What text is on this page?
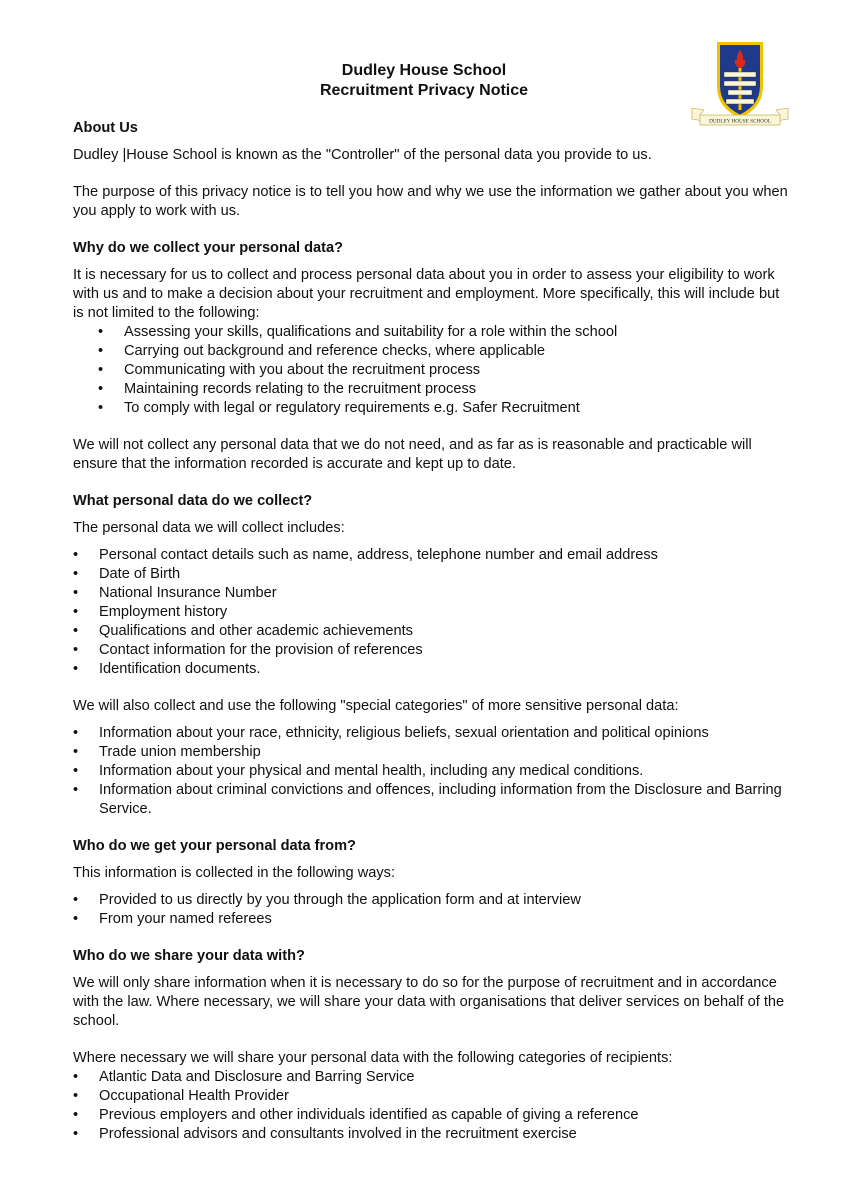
Dudley House School
Recruitment Privacy Notice
DUDLEY HOUSE SCHOOL
About Us

Dudley |House School is known as the "Controller" of the personal data you provide to us.

The purpose of this privacy notice is to tell you how and why we use the information we gather about you when you apply to work with us.

Why do we collect your personal data?

It is necessary for us to collect and process personal data about you in order to assess your eligibility to work with us and to make a decision about your recruitment and employment. More specifically, this will include but is not limited to the following:

•
Assessing your skills, qualifications and suitability for a role within the school
•
Carrying out background and reference checks, where applicable
•
Communicating with you about the recruitment process
•
Maintaining records relating to the recruitment process
•
To comply with legal or regulatory requirements e.g. Safer Recruitment

We will not collect any personal data that we do not need, and as far as is reasonable and practicable will ensure that the information recorded is accurate and kept up to date.

What personal data do we collect?

The personal data we will collect includes:

•
Personal contact details such as name, address, telephone number and email address
•
Date of Birth
•
National Insurance Number
•
Employment history
•
Qualifications and other academic achievements
•
Contact information for the provision of references
•
Identification documents.

We will also collect and use the following "special categories" of more sensitive personal data:

•
Information about your race, ethnicity, religious beliefs, sexual orientation and political opinions
•
Trade union membership
•
Information about your physical and mental health, including any medical conditions.
•
Information about criminal convictions and offences, including information from the Disclosure and Barring Service.
Who do we get your personal data from?

This information is collected in the following ways:

•
Provided to us directly by you through the application form and at interview
•
From your named referees
Who do we share your data with?

We will only share information when it is necessary to do so for the purpose of recruitment and in accordance with the law. Where necessary, we will share your data with organisations that deliver services on behalf of the school.

Where necessary we will share your personal data with the following categories of recipients:

•
Atlantic Data and Disclosure and Barring Service
•
Occupational Health Provider
•
Previous employers and other individuals identified as capable of giving a reference
•
Professional advisors and consultants involved in the recruitment exercise
